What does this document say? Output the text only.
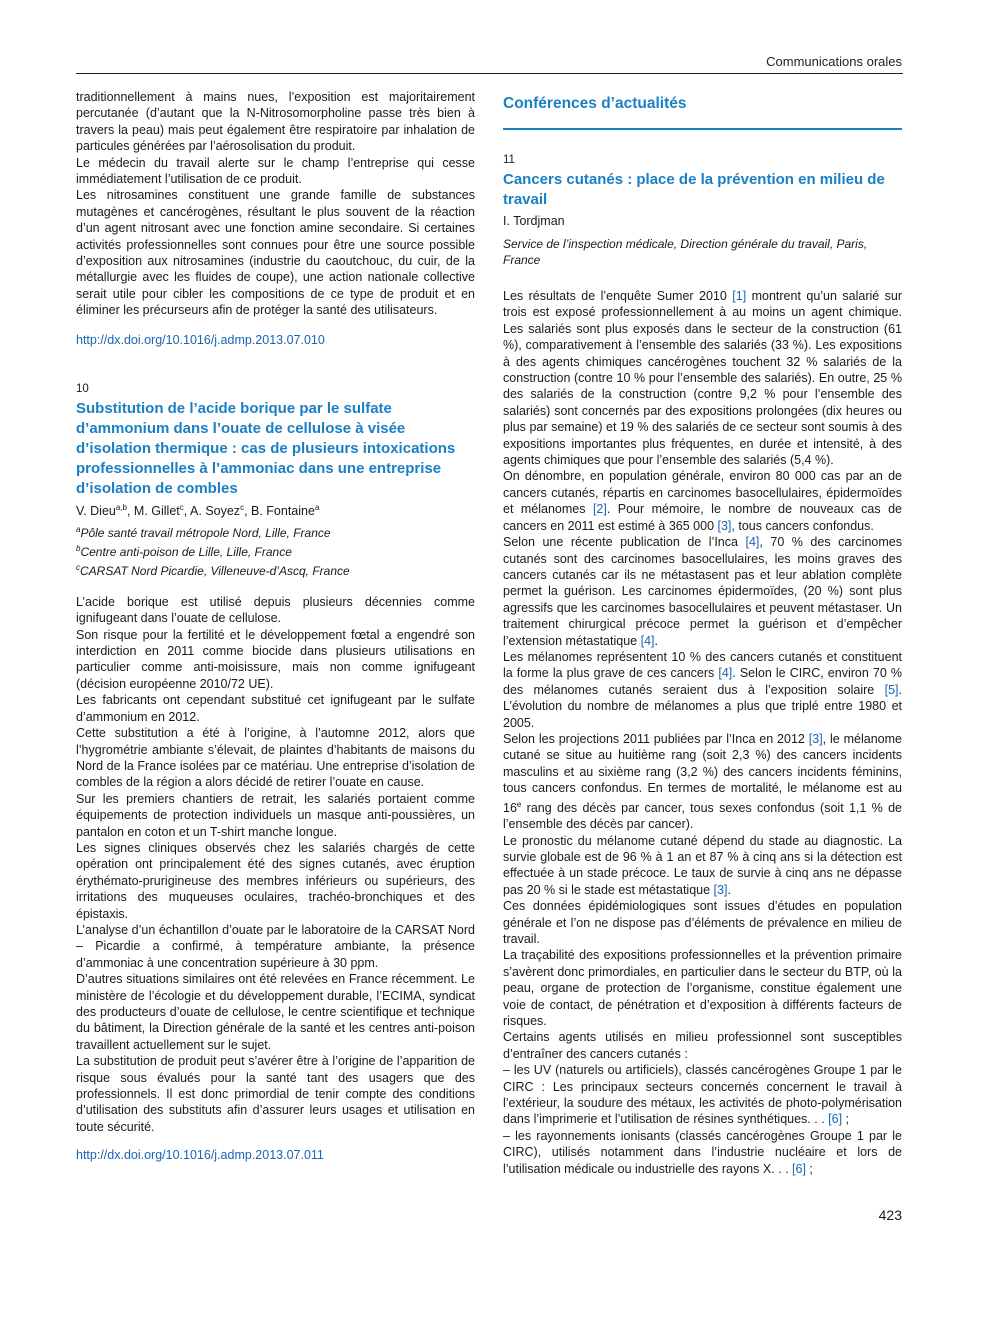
Communications orales

traditionnellement à mains nues, l’exposition est majoritairement percutanée (d’autant que la N-Nitrosomorpholine passe très bien à travers la peau) mais peut également être respiratoire par inhalation de particules générées par l’aérosolisation du produit.

Le médecin du travail alerte sur le champ l’entreprise qui cesse immédiatement l’utilisation de ce produit.

Les nitrosamines constituent une grande famille de substances mutagènes et cancérogènes, résultant le plus souvent de la réaction d’un agent nitrosant avec une fonction amine secondaire. Si certaines activités professionnelles sont connues pour être une source possible d’exposition aux nitrosamines (industrie du caoutchouc, du cuir, de la métallurgie avec les fluides de coupe), une action nationale collective serait utile pour cibler les compositions de ce type de produit et en éliminer les précurseurs afin de protéger la santé des utilisateurs.

http://dx.doi.org/10.1016/j.admp.2013.07.010
10
Substitution de l’acide borique par le sulfate d’ammonium dans l’ouate de cellulose à visée d’isolation thermique : cas de plusieurs intoxications professionnelles à l’ammoniac dans une entreprise d’isolation de combles
V. Dieu$^{a,b}$, M. Gillet$^c$, A. Soyez$^c$, B. Fontaine$^a$
$^a$Pôle santé travail métropole Nord, Lille, France
$^b$Centre anti-poison de Lille, Lille, France
$^c$CARSAT Nord Picardie, Villeneuve-d’Ascq, France

L’acide borique est utilisé depuis plusieurs décennies comme ignifugeant dans l’ouate de cellulose.

Son risque pour la fertilité et le développement fœtal a engendré son interdiction en 2011 comme biocide dans plusieurs utilisations en particulier comme anti-moisissure, mais non comme ignifugeant (décision européenne 2010/72 UE).

Les fabricants ont cependant substitué cet ignifugeant par le sulfate d’ammonium en 2012.

Cette substitution a été à l’origine, à l’automne 2012, alors que l’hygrométrie ambiante s’élevait, de plaintes d’habitants de maisons du Nord de la France isolées par ce matériau. Une entreprise d’isolation de combles de la région a alors décidé de retirer l’ouate en cause.

Sur les premiers chantiers de retrait, les salariés portaient comme équipements de protection individuels un masque anti-poussières, un pantalon en coton et un T-shirt manche longue.

Les signes cliniques observés chez les salariés chargés de cette opération ont principalement été des signes cutanés, avec éruption érythémato-prurigineuse des membres inférieurs ou supérieurs, des irritations des muqueuses oculaires, trachéo-bronchiques et des épistaxis.

L’analyse d’un échantillon d’ouate par le laboratoire de la CARSAT Nord – Picardie a confirmé, à température ambiante, la présence d’ammoniac à une concentration supérieure à 30 ppm.

D’autres situations similaires ont été relevées en France récemment. Le ministère de l’écologie et du développement durable, l’ECIMA, syndicat des producteurs d’ouate de cellulose, le centre scientifique et technique du bâtiment, la Direction générale de la santé et les centres anti-poison travaillent actuellement sur le sujet.

La substitution de produit peut s’avérer être à l’origine de l’apparition de risque sous évalués pour la santé tant des usagers que des professionnels. Il est donc primordial de tenir compte des conditions d’utilisation des substituts afin d’assurer leurs usages et utilisation en toute sécurité.

http://dx.doi.org/10.1016/j.admp.2013.07.011
Conférences d’actualités
11
Cancers cutanés : place de la prévention en milieu de travail
I. Tordjman
Service de l’inspection médicale, Direction générale du travail, Paris, France

Les résultats de l’enquête Sumer 2010 [1] montrent qu’un salarié sur trois est exposé professionnellement à au moins un agent chimique. Les salariés sont plus exposés dans le secteur de la construction (61 %), comparativement à l’ensemble des salariés (33 %). Les expositions à des agents chimiques cancérogènes touchent 32 % salariés de la construction (contre 10 % pour l’ensemble des salariés). En outre, 25 % des salariés de la construction (contre 9,2 % pour l’ensemble des salariés) sont concernés par des expositions prolongées (dix heures ou plus par semaine) et 19 % des salariés de ce secteur sont soumis à des expositions importantes plus fréquentes, en durée et intensité, à des agents chimiques que pour l’ensemble des salariés (5,4 %).

On dénombre, en population générale, environ 80 000 cas par an de cancers cutanés, répartis en carcinomes basocellulaires, épidermoïdes et mélanomes [2]. Pour mémoire, le nombre de nouveaux cas de cancers en 2011 est estimé à 365 000 [3], tous cancers confondus.

Selon une récente publication de l’Inca [4], 70 % des carcinomes cutanés sont des carcinomes basocellulaires, les moins graves des cancers cutanés car ils ne métastasent pas et leur ablation complète permet la guérison. Les carcinomes épidermoïdes, (20 %) sont plus agressifs que les carcinomes basocellulaires et peuvent métastaser. Un traitement chirurgical précoce permet la guérison et d’empêcher l’extension métastatique [4].

Les mélanomes représentent 10 % des cancers cutanés et constituent la forme la plus grave de ces cancers [4]. Selon le CIRC, environ 70 % des mélanomes cutanés seraient dus à l’exposition solaire [5]. L’évolution du nombre de mélanomes a plus que triplé entre 1980 et 2005.

Selon les projections 2011 publiées par l’Inca en 2012 [3], le mélanome cutané se situe au huitième rang (soit 2,3 %) des cancers incidents masculins et au sixième rang (3,2 %) des cancers incidents féminins, tous cancers confondus. En termes de mortalité, le mélanome est au 16e rang des décès par cancer, tous sexes confondus (soit 1,1 % de l’ensemble des décès par cancer).

Le pronostic du mélanome cutané dépend du stade au diagnostic. La survie globale est de 96 % à 1 an et 87 % à cinq ans si la détection est effectuée à un stade précoce. Le taux de survie à cinq ans ne dépasse pas 20 % si le stade est métastatique [3].

Ces données épidémiologiques sont issues d’études en population générale et l’on ne dispose pas d’éléments de prévalence en milieu de travail.

La traçabilité des expositions professionnelles et la prévention primaire s’avèrent donc primordiales, en particulier dans le secteur du BTP, où la peau, organe de protection de l’organisme, constitue également une voie de contact, de pénétration et d’exposition à différents facteurs de risques.

Certains agents utilisés en milieu professionnel sont susceptibles d’entraîner des cancers cutanés :

– les UV (naturels ou artificiels), classés cancérogènes Groupe 1 par le CIRC : Les principaux secteurs concernés concernent le travail à l’extérieur, la soudure des métaux, les activités de photo-polymérisation dans l’imprimerie et l’utilisation de résines synthétiques. . . [6] ;

– les rayonnements ionisants (classés cancérogènes Groupe 1 par le CIRC), utilisés notamment dans l’industrie nucléaire et lors de l’utilisation médicale ou industrielle des rayons X. . . [6] ;

423
